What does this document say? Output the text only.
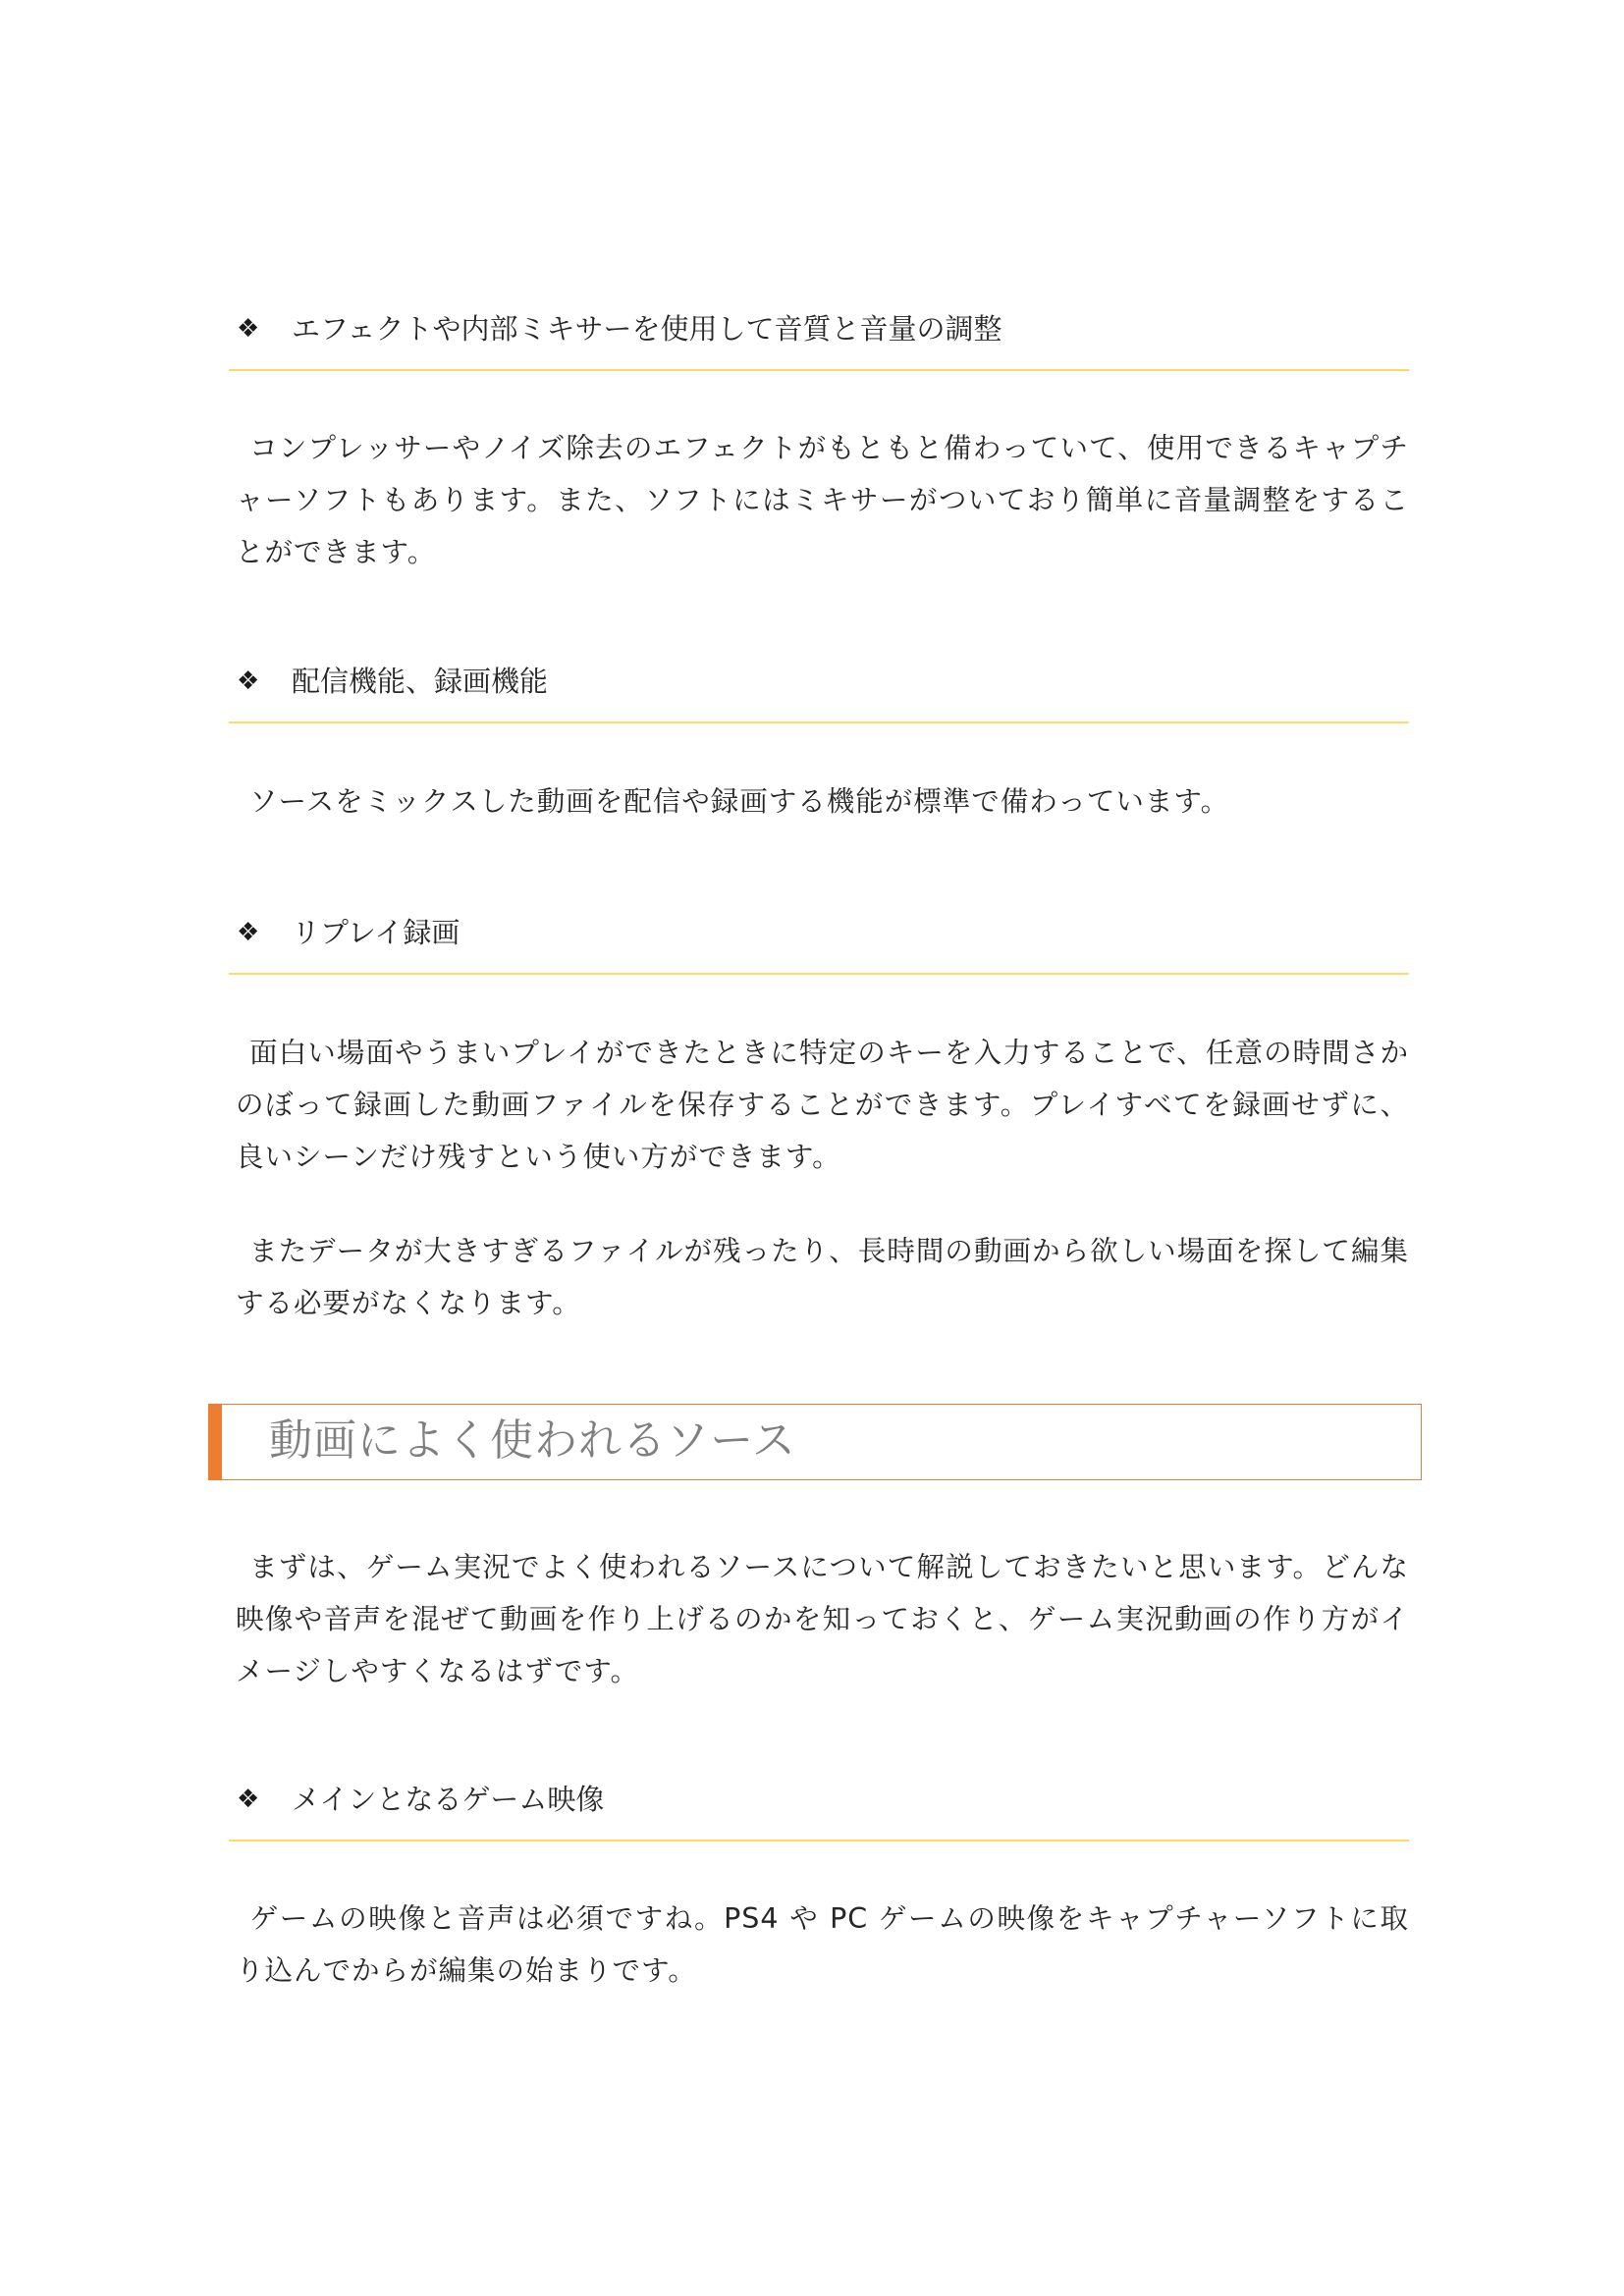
❖ エフェクトや内部ミキサーを使用して音質と音量の調整

コンプレッサーやノイズ除去のエフェクトがもともと備わっていて、使用できるキャプチャーソフトもあります。また、ソフトにはミキサーがついており簡単に音量調整をすることができます。

❖ 配信機能、録画機能

ソースをミックスした動画を配信や録画する機能が標準で備わっています。

❖ リプレイ録画

面白い場面やうまいプレイができたときに特定のキーを入力することで、任意の時間さかのぼって録画した動画ファイルを保存することができます。プレイすべてを録画せずに、良いシーンだけ残すという使い方ができます。

またデータが大きすぎるファイルが残ったり、長時間の動画から欲しい場面を探して編集する必要がなくなります。

動画によく使われるソース

まずは、ゲーム実況でよく使われるソースについて解説しておきたいと思います。どんな映像や音声を混ぜて動画を作り上げるのかを知っておくと、ゲーム実況動画の作り方がイメージしやすくなるはずです。

❖ メインとなるゲーム映像

ゲームの映像と音声は必須ですね。PS4 や PC ゲームの映像をキャプチャーソフトに取り込んでからが編集の始まりです。
